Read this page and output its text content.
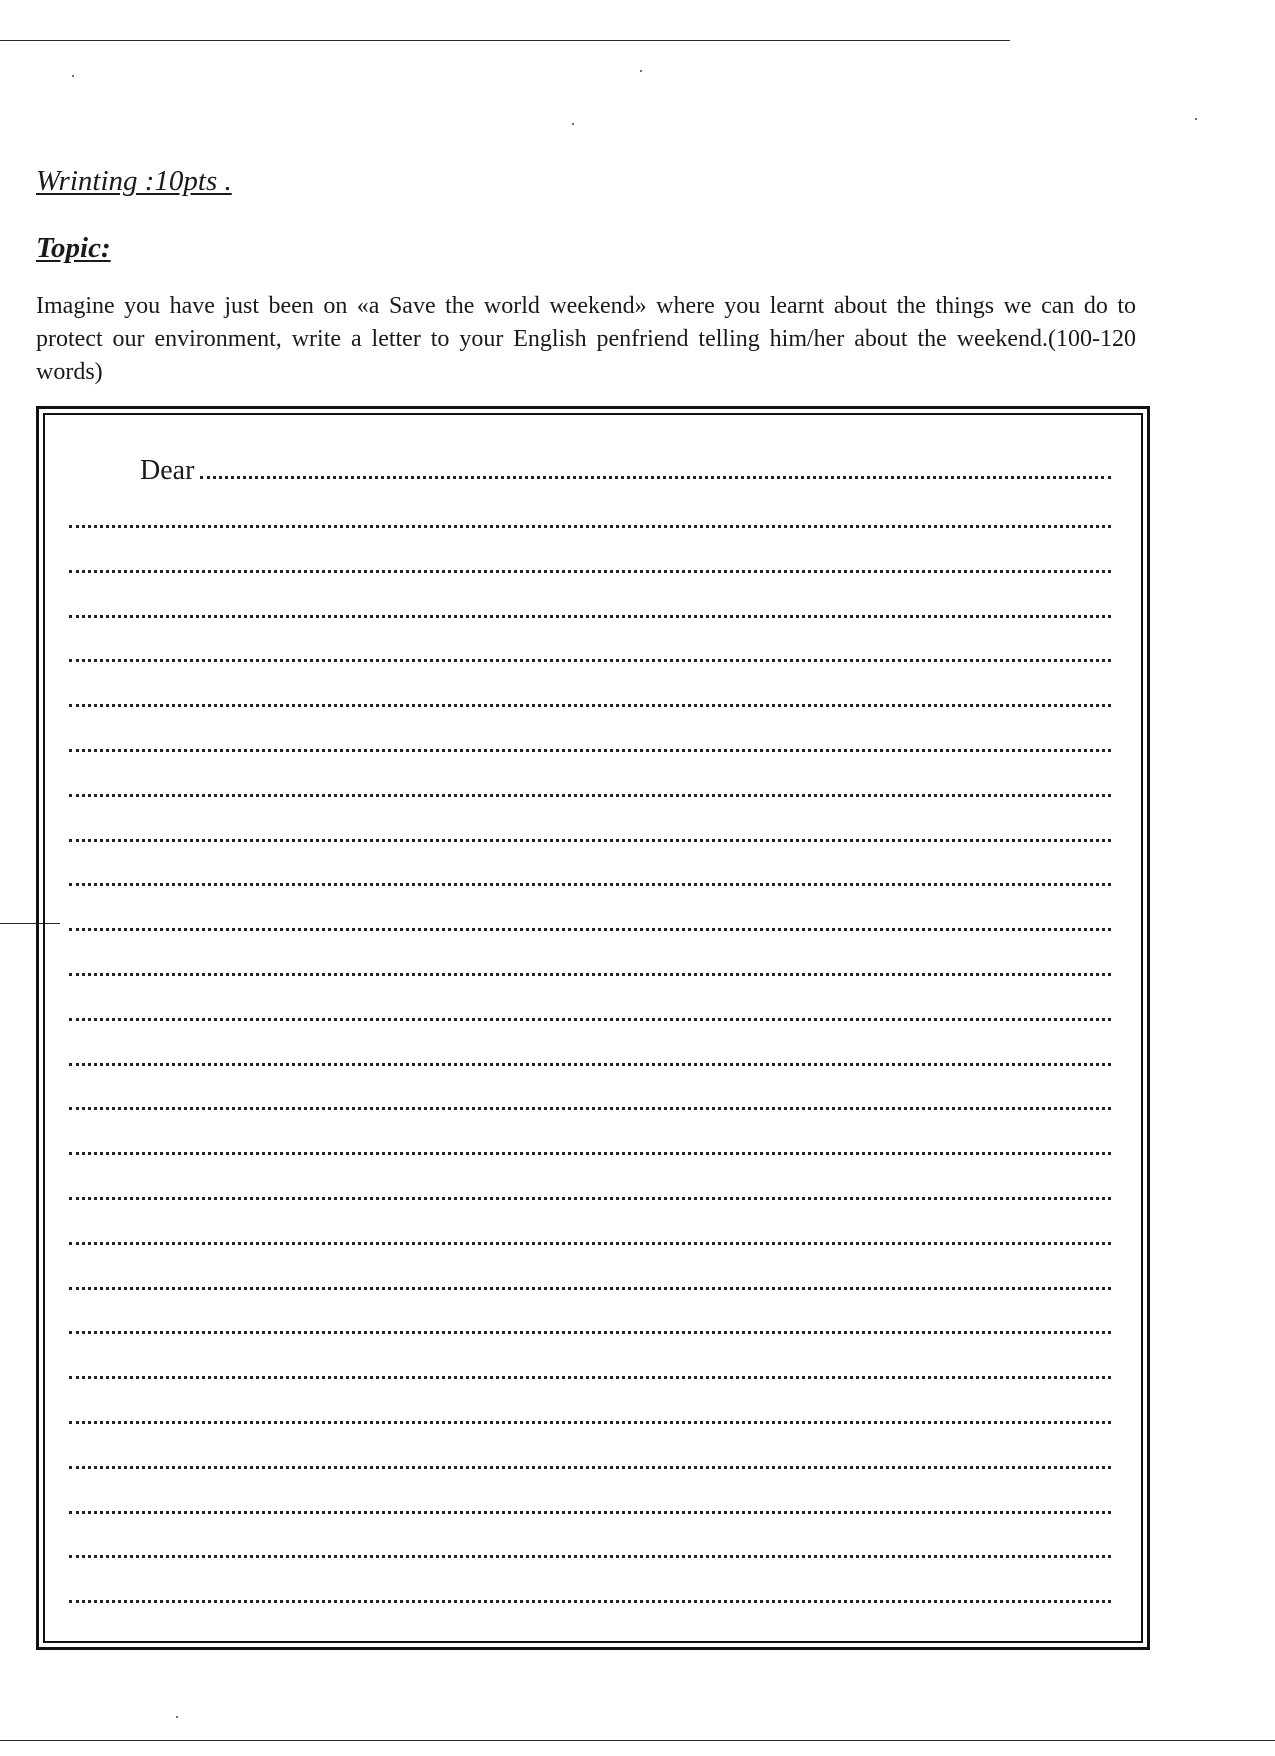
Wrinting :10pts .
Topic:

Imagine you have just been on «a Save the world weekend» where you learnt about the things we can do to protect our environment, write a letter to your English penfriend telling him/her about the weekend.(100-120 words)

Dear
